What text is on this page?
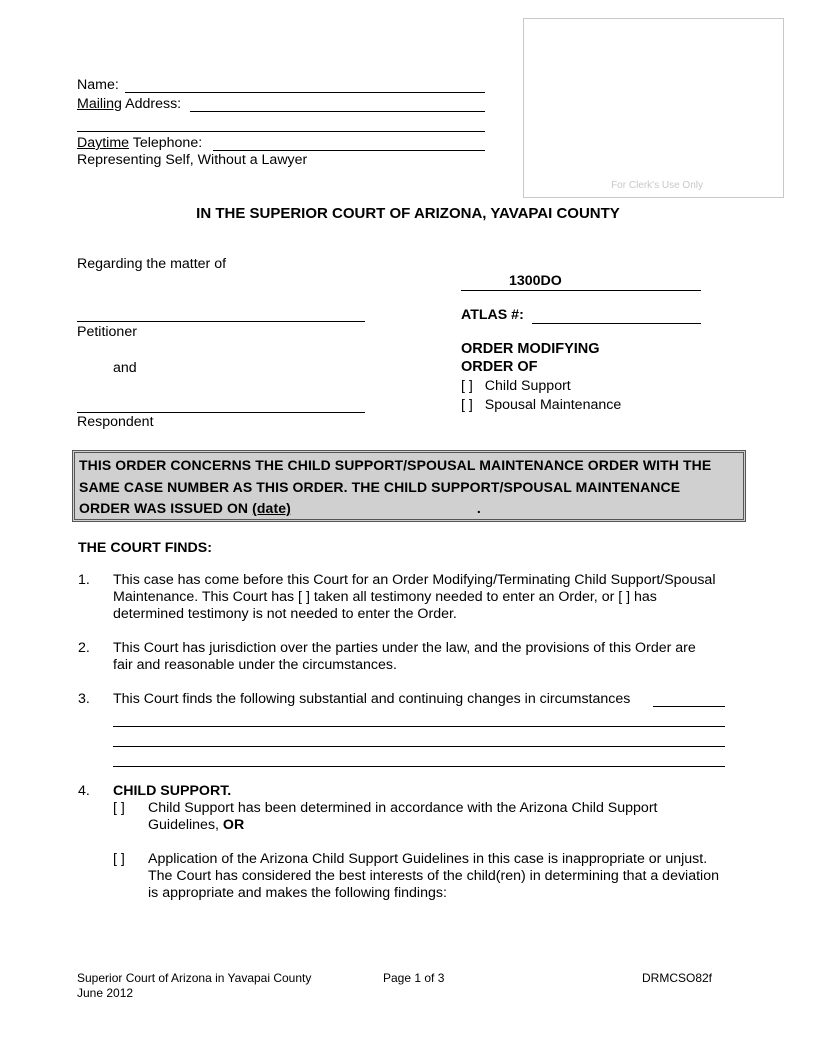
For Clerk's Use Only
Name:
Mailing Address:
Daytime Telephone:
Representing Self, Without a Lawyer
IN THE SUPERIOR COURT OF ARIZONA, YAVAPAI COUNTY
Regarding the matter of
Petitioner
and
Respondent
1300DO
ATLAS #:
ORDER MODIFYING
ORDER OF
[ ] Child Support
[ ] Spousal Maintenance
THIS ORDER CONCERNS THE CHILD SUPPORT/SPOUSAL MAINTENANCE ORDER WITH THE
SAME CASE NUMBER AS THIS ORDER. THE CHILD SUPPORT/SPOUSAL MAINTENANCE
ORDER WAS ISSUED ON (date)	.
THE COURT FINDS:
1. This case has come before this Court for an Order Modifying/Terminating Child Support/Spousal
Maintenance. This Court has [ ] taken all testimony needed to enter an Order, or [ ] has
determined testimony is not needed to enter the Order.
2. This Court has jurisdiction over the parties under the law, and the provisions of this Order are
fair and reasonable under the circumstances.
3. This Court finds the following substantial and continuing changes in circumstances
4. CHILD SUPPORT.
[ ] Child Support has been determined in accordance with the Arizona Child Support
Guidelines, OR
[ ] Application of the Arizona Child Support Guidelines in this case is inappropriate or unjust.
The Court has considered the best interests of the child(ren) in determining that a deviation
is appropriate and makes the following findings:
Superior Court of Arizona in Yavapai County
June 2012
Page 1 of 3	DRMCSO82f
